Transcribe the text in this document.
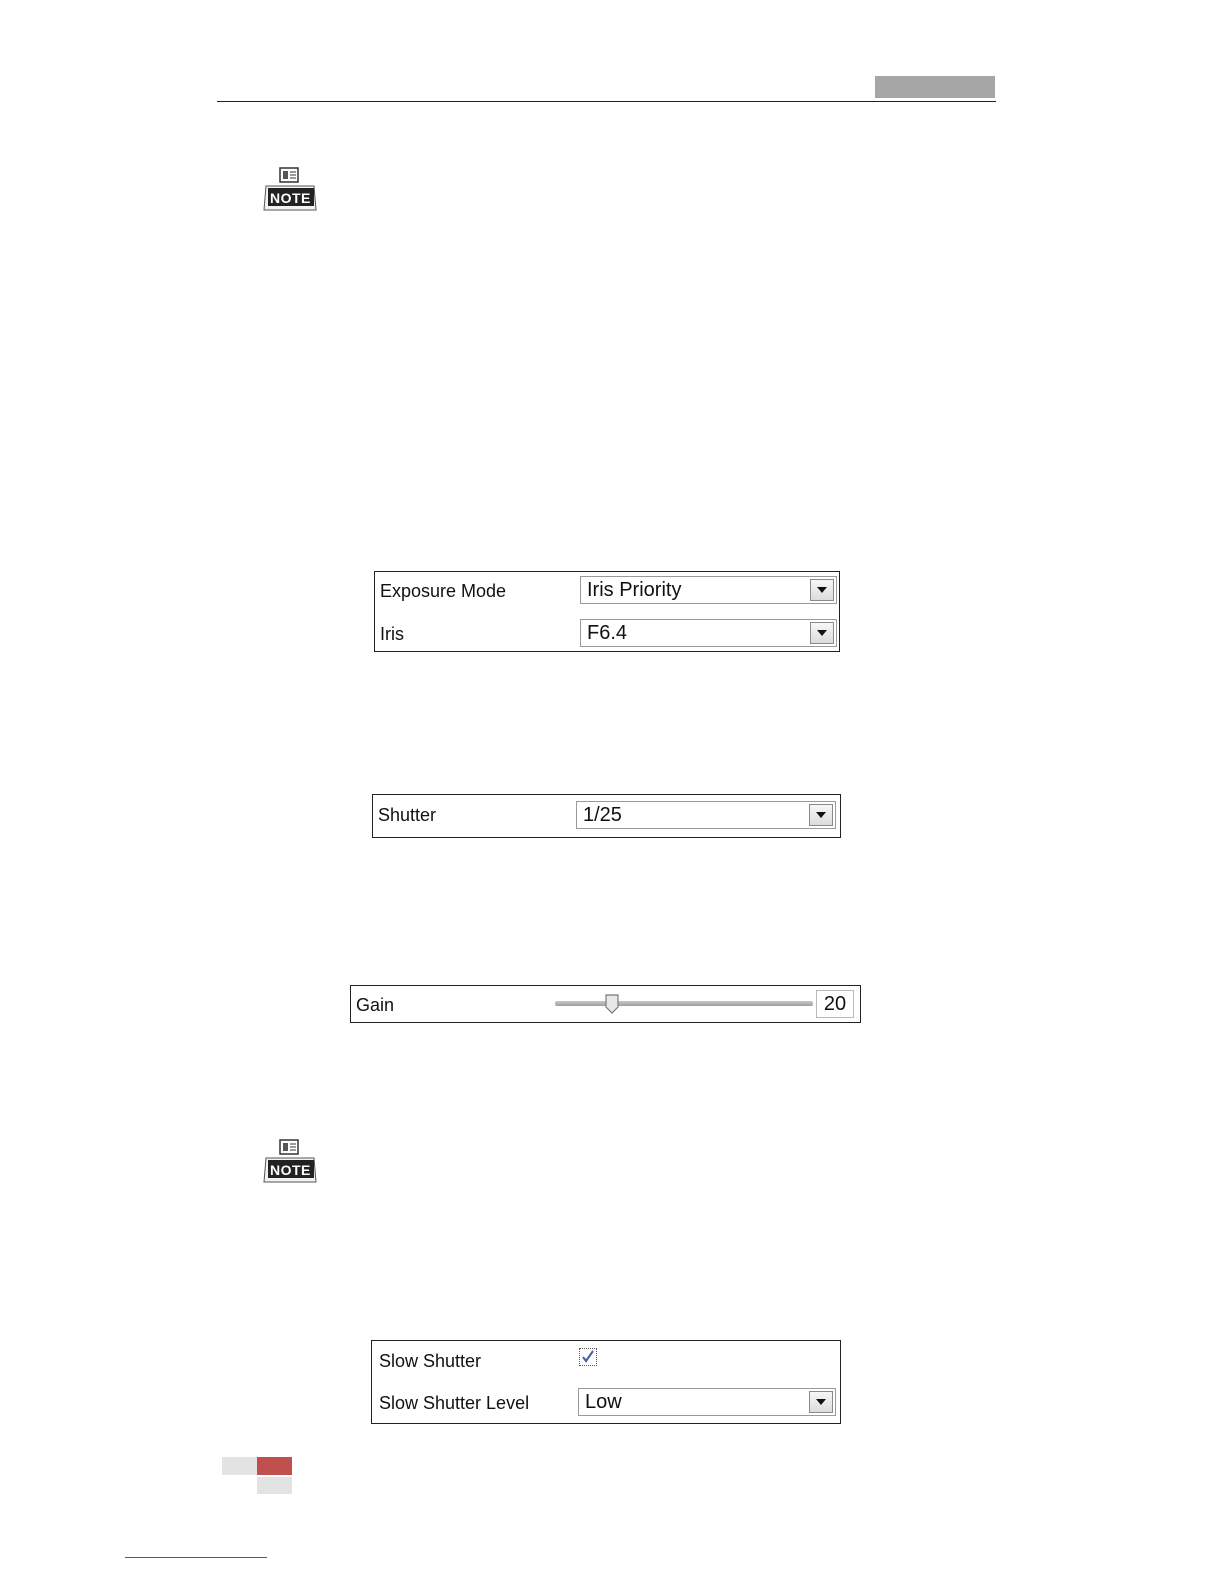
NOTE
Exposure Mode	Iris Priority
Iris	F6.4
Shutter	1/25
Gain	20
NOTE
Slow Shutter
Slow Shutter Level	Low
